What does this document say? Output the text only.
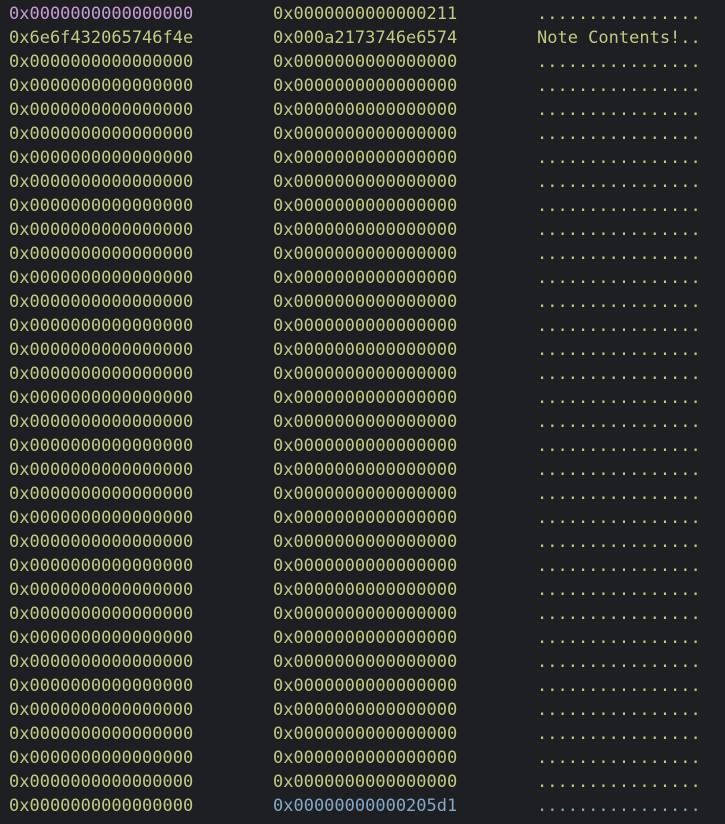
0x0000000000000000	0x0000000000000211	................
0x6e6f432065746f4e	0x000a2173746e6574	Note Contents!..
0x0000000000000000	0x0000000000000000	................
0x0000000000000000	0x0000000000000000	................
0x0000000000000000	0x0000000000000000	................
0x0000000000000000	0x0000000000000000	................
0x0000000000000000	0x0000000000000000	................
0x0000000000000000	0x0000000000000000	................
0x0000000000000000	0x0000000000000000	................
0x0000000000000000	0x0000000000000000	................
0x0000000000000000	0x0000000000000000	................
0x0000000000000000	0x0000000000000000	................
0x0000000000000000	0x0000000000000000	................
0x0000000000000000	0x0000000000000000	................
0x0000000000000000	0x0000000000000000	................
0x0000000000000000	0x0000000000000000	................
0x0000000000000000	0x0000000000000000	................
0x0000000000000000	0x0000000000000000	................
0x0000000000000000	0x0000000000000000	................
0x0000000000000000	0x0000000000000000	................
0x0000000000000000	0x0000000000000000	................
0x0000000000000000	0x0000000000000000	................
0x0000000000000000	0x0000000000000000	................
0x0000000000000000	0x0000000000000000	................
0x0000000000000000	0x0000000000000000	................
0x0000000000000000	0x0000000000000000	................
0x0000000000000000	0x0000000000000000	................
0x0000000000000000	0x0000000000000000	................
0x0000000000000000	0x0000000000000000	................
0x0000000000000000	0x0000000000000000	................
0x0000000000000000	0x0000000000000000	................
0x0000000000000000	0x0000000000000000	................
0x0000000000000000	0x0000000000000000	................
0x0000000000000000	0x00000000000205d1	................
